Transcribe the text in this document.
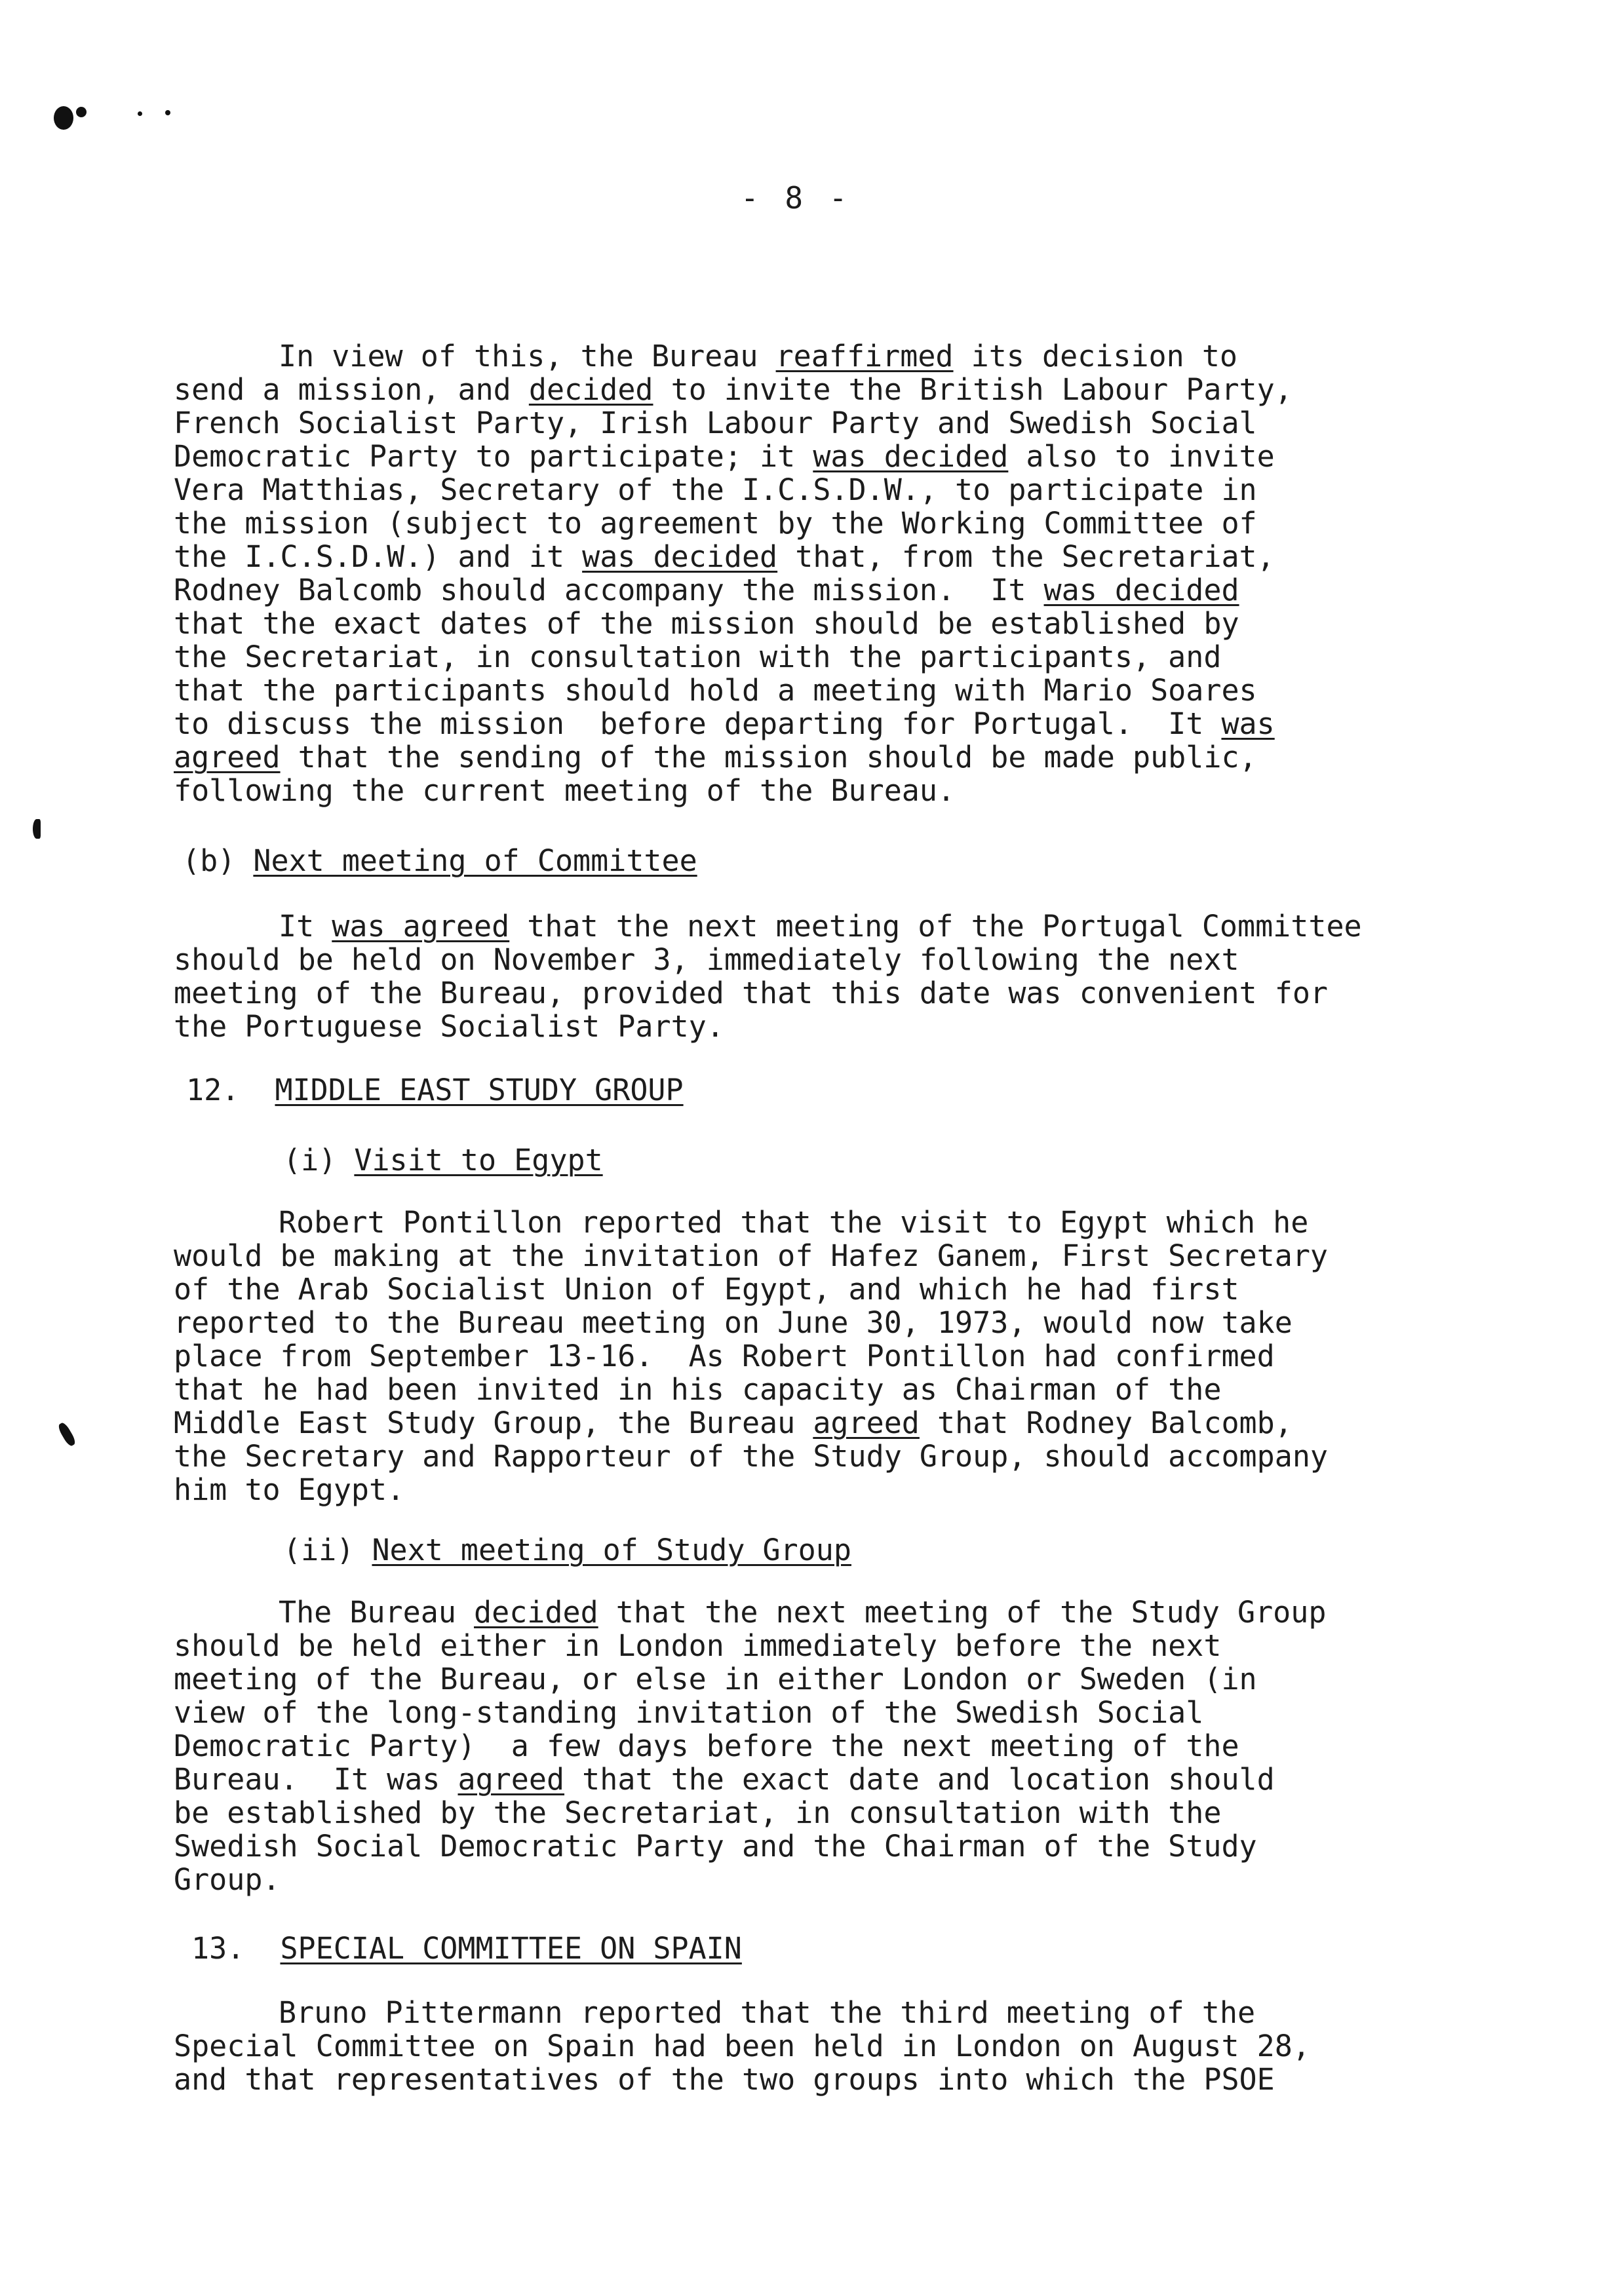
- 8 -
In view of this, the Bureau reaffirmed its decision to
send a mission, and decided to invite the British Labour Party,
French Socialist Party, Irish Labour Party and Swedish Social
Democratic Party to participate; it was decided also to invite
Vera Matthias, Secretary of the I.C.S.D.W., to participate in
the mission (subject to agreement by the Working Committee of
the I.C.S.D.W.) and it was decided that, from the Secretariat,
Rodney Balcomb should accompany the mission.  It was decided
that the exact dates of the mission should be established by
the Secretariat, in consultation with the participants, and
that the participants should hold a meeting with Mario Soares
to discuss the mission  before departing for Portugal.  It was
agreed that the sending of the mission should be made public,
following the current meeting of the Bureau.
(b) Next meeting of Committee
It was agreed that the next meeting of the Portugal Committee
should be held on November 3, immediately following the next
meeting of the Bureau, provided that this date was convenient for
the Portuguese Socialist Party.
12.  MIDDLE EAST STUDY GROUP
(i) Visit to Egypt
Robert Pontillon reported that the visit to Egypt which he
would be making at the invitation of Hafez Ganem, First Secretary
of the Arab Socialist Union of Egypt, and which he had first
reported to the Bureau meeting on June 30, 1973, would now take
place from September 13-16.  As Robert Pontillon had confirmed
that he had been invited in his capacity as Chairman of the
Middle East Study Group, the Bureau agreed that Rodney Balcomb,
the Secretary and Rapporteur of the Study Group, should accompany
him to Egypt.
(ii) Next meeting of Study Group
The Bureau decided that the next meeting of the Study Group
should be held either in London immediately before the next
meeting of the Bureau, or else in either London or Sweden (in
view of the long-standing invitation of the Swedish Social
Democratic Party)  a few days before the next meeting of the
Bureau.  It was agreed that the exact date and location should
be established by the Secretariat, in consultation with the
Swedish Social Democratic Party and the Chairman of the Study
Group.
13.  SPECIAL COMMITTEE ON SPAIN
Bruno Pittermann reported that the third meeting of the
Special Committee on Spain had been held in London on August 28,
and that representatives of the two groups into which the PSOE
